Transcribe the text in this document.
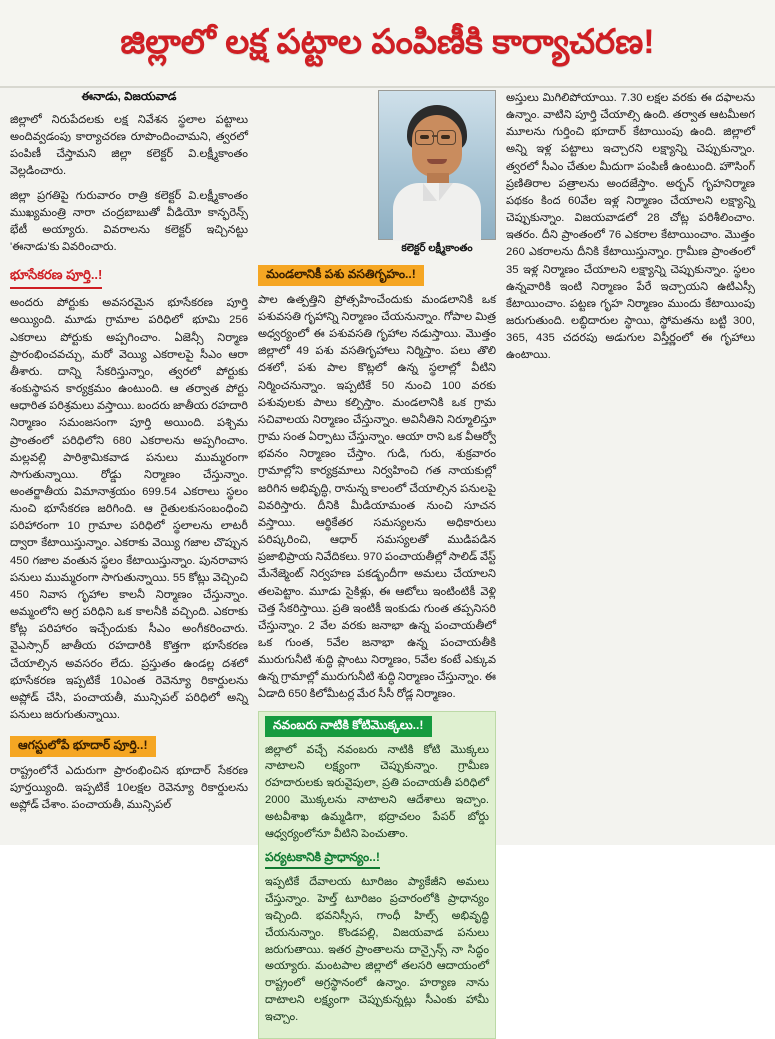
జిల్లాలో లక్ష పట్టాల పంపిణీకి కార్యాచరణ!
ఈనాడు, విజయవాడ

జిల్లాలో నిరుపేదలకు లక్ష నివేశన స్థలాల పట్టాలు అందివ్వడంపు కార్యాచరణ రూపొందించామని, త్వరలో పంపిణీ చేస్తామని జిల్లా కలెక్టర్ వి.లక్ష్మీకాంతం వెల్లడించారు.

జిల్లా ప్రగతిపై గురువారం రాత్రి కలెక్టర్ వి.లక్ష్మీకాంతం ముఖ్యమంత్రి నారా చంద్రబాబుతో వీడియో కాన్ఫరెన్స్ భేటీ అయ్యారు. వివరాలను కలెక్టర్ ఇచ్చినట్టు 'ఈనాడు'కు వివరించారు.

భూసేకరణ పూర్తి..!

అందరు పోర్టుకు అవసరమైన భూసేకరణ పూర్తి అయ్యింది. మూడు గ్రామాల పరిధిలో భూమి 256 ఎకరాలు పోర్టుకు అప్పగించాం. ఏజెన్సీ నిర్మాణ ప్రారంభించవచ్చు, మరో వెయ్యి ఎకరాలపై సీఎం ఆరా తీశారు. దాన్ని సేకరిస్తున్నాం, త్వరలో పోర్టుకు శంకుస్థాపన కార్యక్రమం ఉంటుంది. ఆ తర్వాత పోర్టు ఆధారిత పరిశ్రమలు వస్తాయి. బందరు జాతీయ రహదారి నిర్మాణం సమంజసంగా పూర్తి అయింది. పశ్చిమ ప్రాంతంలో పరిధిలోని 680 ఎకరాలను అప్పగించాం. మల్లవల్లి పారిశ్రామికవాడ పనులు ముమ్మరంగా సాగుతున్నాయి. రోడ్డు నిర్మాణం చేస్తున్నాం. అంతర్జాతీయ విమానాశ్రయం 699.54 ఎకరాలు స్థలం నుంచి భూసేకరణ జరిగింది. ఆ రైతులకుసంబంధించి పరిహారంగా 10 గ్రామాల పరిధిలో స్థలాలను లాటరీ ద్వారా కేటాయిస్తున్నాం. ఎకరాకు వెయ్యి గజాల చొప్పున 450 గజాల వంతున స్థలం కేటాయిస్తున్నాం. పునరావాస పనులు ముమ్మరంగా సాగుతున్నాయి. 55 కోట్లు వెచ్చించి 450 నివాస గృహాల కాలనీ నిర్మాణం చేస్తున్నాం. అమ్మంలోని అగ్ర పరిధిని ఒక కాలనీకి వచ్చింది. ఎకరాకు కోట్ల పరిహారం ఇచ్చేందుకు సీఎం అంగీకరించారు. వైఎస్సార్ జాతీయ రహదారికి కొత్తగా భూసేకరణ చేయాల్సిన అవసరం లేదు. ప్రస్తుతం ఉండల్ల దశలో భూసేకరణ ఇప్పటికే 10ఎంత రెవెన్యూ రికార్డులను అప్లోడ్ చేసి, పంచాయతీ, మున్సిపల్ పరిధిలో అన్ని పనులు జరుగుతున్నాయి.

ఆగస్టులోపే భూదార్ పూర్తి..!

రాష్ట్రంలోనే ఎదురుగా ప్రారంభించిన భూదార్ సేకరణ పూర్తయ్యింది. ఇప్పటికే 10లక్షల రెవెన్యూ రికార్డులను అప్లోడ్ చేశాం. పంచాయతీ, మున్సిపల్

కలెక్టర్ లక్ష్మీకాంతం
మండలానికీ పశు వసతిగృహం..!

పాల ఉత్పత్తిని ప్రోత్సహించేందుకు మండలానికి ఒక పశువసతి గృహాన్ని నిర్మాణం చేయనున్నాం. గోపాల మిత్ర అధ్వర్యంలో ఈ పశువసతి గృహాల నడుస్తాయి. మొత్తం జిల్లాలో 49 పశు వసతిగృహాలు నిర్మిస్తాం. పలు తొలి దశలో, పశు పాల కొట్లలో ఉన్న స్థలాల్లో వీటిని నిర్మించనున్నాం. ఇప్పటికే 50 నుంచి 100 వరకు పశువులకు పాలు కల్పిస్తాం. మండలానికి ఒక గ్రామ సచివాలయ నిర్మాణం చేస్తున్నాం. అవినీతిని నిర్మూలిస్తూ గ్రామ సంత ఏర్పాటు చేస్తున్నాం. ఆయా రాని ఒక వీఆర్వో భవనం నిర్మాణం చేస్తాం. గుడి, గురు, శుక్రవారం గ్రామాల్లోని కార్యక్రమాలు నిర్వహించి గత నాయకుల్లో జరిగిన అభివృద్ధి, రానున్న కాలంలో చేయాల్సిన పనులపై వివరిస్తారు. దీనికి మీడియామంత నుంచి సూచన వస్తాయి. ఆర్థికేతర సమస్యలను అధికారులు పరిష్కరించి, ఆధార్ సమస్యలతో ముడిపడిన ప్రజాభిప్రాయ నివేదికలు. 970 పంచాయతీల్లో సాలిడ్ వేస్ట్ మేనేజ్మెంట్ నిర్వహణ పకడ్బందీగా అమలు చేయాలని తలపెట్టాం. మూడు సైకిళ్లు, ఈ ఆటోలు ఇంటింటికీ వెళ్లి చెత్త సేకరిస్తాయి. ప్రతి ఇంటికీ ఇంకుడు గుంత తప్పనిసరి చేస్తున్నాం. 2 వేల వరకు జనాభా ఉన్న పంచాయతీలో ఒక గుంత, 5వేల జనాభా ఉన్న పంచాయతీకి మురుగునీటి శుద్ధి ప్లాంటు నిర్మాణం, 5వేల కంటే ఎక్కువ ఉన్న గ్రామాల్లో మురుగునీటి శుద్ధి నిర్మాణం చేస్తున్నాం. ఈ ఏడాది 650 కిలోమీటర్ల మేర సీసీ రోడ్ల నిర్మాణం.

నవంబరు నాటికి కోటిమొక్కలు..!

జిల్లాలో వచ్చే నవంబరు నాటికి కోటి మొక్కలు నాటాలని లక్ష్యంగా చెప్పుకున్నాం. గ్రామీణ రహదారులకు ఇరువైపులా, ప్రతి పంచాయతీ పరిధిలో 2000 మొక్కలను నాటాలని ఆదేశాలు ఇచ్చాం. అటవీశాఖ ఉమ్మడిగా, భద్రాచలం పేపర్ బోర్డు ఆధ్వర్యంలోనూ వీటిని పెంచుతాం.

పర్యటకానికి ప్రాధాన్యం..!

ఇప్పటికే దేవాలయ టూరిజం ప్యాకేజీని అమలు చేస్తున్నాం. హెల్త్ టూరిజం ప్రచారంలోకి ప్రాధాన్యం ఇచ్చింది. భవనిస్సీస, గాంధీ హిల్స్ అభివృద్ధి చేయనున్నాం. కొండపల్లి, విజయవాడ పనులు జరుగుతాయి. ఇతర ప్రాంతాలను దాన్సైన్స్ నా సిద్ధం అయ్యారు. మంటపాల జిల్లాలో తలసరి ఆదాయంలో రాష్ట్రంలో అగ్రస్థానంలో ఉన్నాం. హర్యాణ నాను దాటాలని లక్ష్యంగా చెప్పుకున్నట్లు సీఎంకు హామీ ఇచ్చాం.

అస్తులు మిగిలిపోయాయి. 7.30 లక్షల వరకు ఈ దఫాలను ఉన్నాం. వాటిని పూర్తి చేయాల్సి ఉంది. తర్వాత ఆటమీఅగ మూలను గుర్తించి భూదార్ కేటాయింపు ఉంది. జిల్లాలో అన్ని ఇళ్ల పట్టాలు ఇచ్చారని లక్ష్యాన్ని చెప్పుకున్నాం. త్వరలో సీఎం చేతుల మీదుగా పంపిణీ ఉంటుంది. హౌసింగ్ ప్రణితిరాల పత్రాలను అందజేస్తాం. అర్బన్ గృహనిర్మాణ పథకం కింద 60వేల ఇళ్ల నిర్మాణం చేయాలని లక్ష్యాన్ని చెప్పుకున్నాం. విజయవాడలో 28 చోట్ల పరిశీలించాం. ఇతరం. దీని ప్రాంతంలో 76 ఎకరాల కేటాయించాం. మొత్తం 260 ఎకరాలను దీనికి కేటాయిస్తున్నాం. గ్రామీణ ప్రాంతంలో 35 ఇళ్ల నిర్మాణం చేయాలని లక్ష్యాన్ని చెప్పుకున్నాం. స్థలం ఉన్నవారికి ఇంటి నిర్మాణం పేరే ఇచ్చాయని ఉటిఎస్సీ కేటాయించాం. పట్టణ గృహ నిర్మాణం ముందు కేటాయింపు జరుగుతుంది. లబ్ధిదారుల స్థాయి, స్థోమతను బట్టి 300, 365, 435 చదరపు అడుగుల విస్తీర్ణంలో ఈ గృహాలు ఉంటాయి.
